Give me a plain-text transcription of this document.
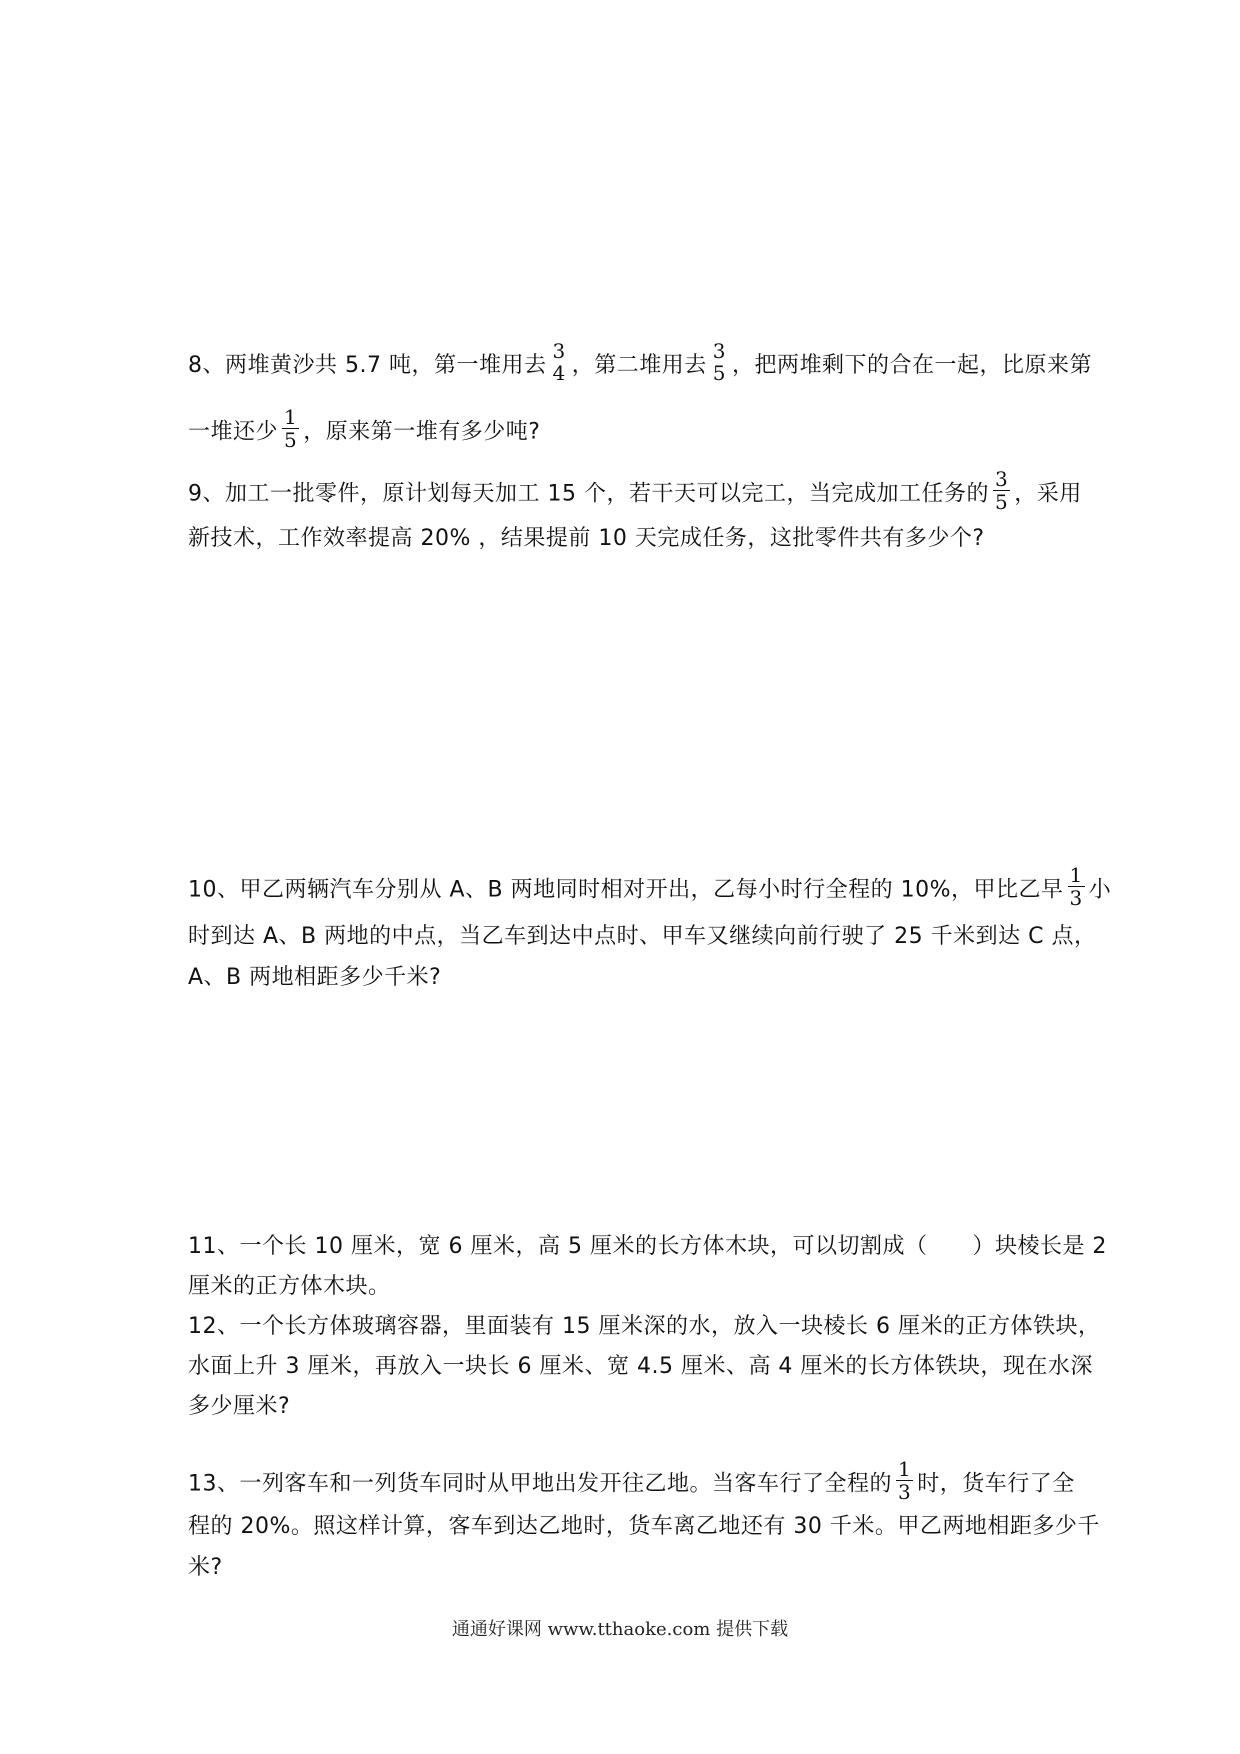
8、两堆黄沙共 5.7 吨，第一堆用去
3
4 ，第二堆用去
3
5 ，把两堆剩下的合在一起，比原来第
一堆还少 $\frac{1}{5}$ ，原来第一堆有多少吨?
9、加工一批零件，原计划每天加工 15 个，若干天可以完工，当完成加工任务的 $\frac{3}{5}$ ，采用
新技术，工作效率提高 20% ，结果提前 10 天完成任务，这批零件共有多少个?
10、甲乙两辆汽车分别从 A、B 两地同时相对开出，乙每小时行全程的 10%，甲比乙早 $\frac{1}{3}$ 小
时到达 A、B 两地的中点，当乙车到达中点时、甲车又继续向前行驶了 25 千米到达 C 点，
A、B 两地相距多少千米?
11、一个长 10 厘米，宽 6 厘米，高 5 厘米的长方体木块，可以切割成（　　）块棱长是 2
厘米的正方体木块。
12、一个长方体玻璃容器，里面装有 15 厘米深的水，放入一块棱长 6 厘米的正方体铁块，
水面上升 3 厘米，再放入一块长 6 厘米、宽 4.5 厘米、高 4 厘米的长方体铁块，现在水深
多少厘米?
13、一列客车和一列货车同时从甲地出发开往乙地。当客车行了全程的 $\frac{1}{3}$ 时，货车行了全
程的 20%。照这样计算，客车到达乙地时，货车离乙地还有 30 千米。甲乙两地相距多少千
米?
通通好课网 www.tthaoke.com 提供下载
